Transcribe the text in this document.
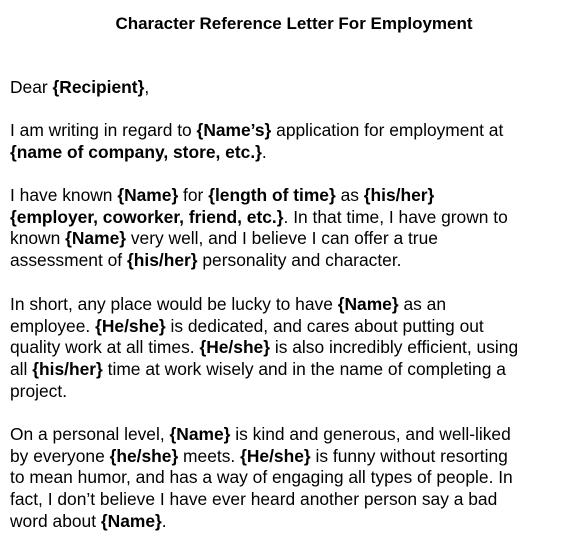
Character Reference Letter For Employment
Dear {Recipient},
I am writing in regard to {Name’s} application for employment at
{name of company, store, etc.}.
I have known {Name} for {length of time} as {his/her}
{employer, coworker, friend, etc.}. In that time, I have grown to
known {Name} very well, and I believe I can offer a true
assessment of {his/her} personality and character.
In short, any place would be lucky to have {Name} as an
employee. {He/she} is dedicated, and cares about putting out
quality work at all times. {He/she} is also incredibly efficient, using
all {his/her} time at work wisely and in the name of completing a
project.
On a personal level, {Name} is kind and generous, and well-liked
by everyone {he/she} meets. {He/she} is funny without resorting
to mean humor, and has a way of engaging all types of people. In
fact, I don’t believe I have ever heard another person say a bad
word about {Name}.
